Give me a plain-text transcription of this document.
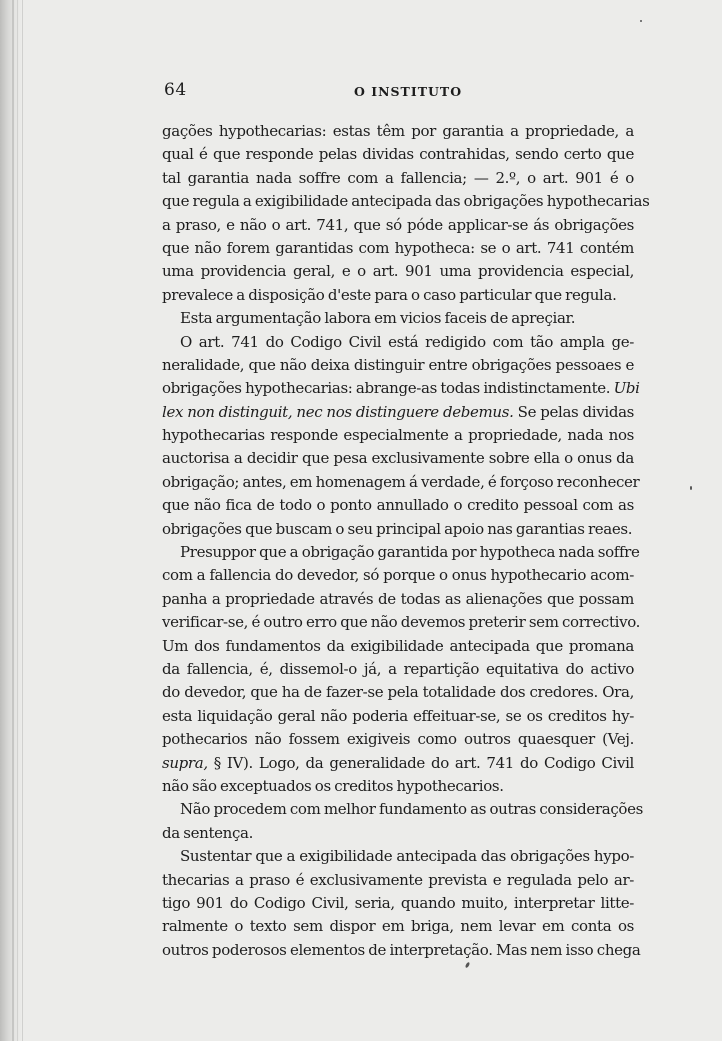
64	O INSTITUTO
gações hypothecarias: estas têm por garantia a propriedade, a
qual é que responde pelas dividas contrahidas, sendo certo que
tal garantia nada soffre com a fallencia; — 2.º, o art. 901 é o
que regula a exigibilidade antecipada das obrigações hypothecarias
a praso, e não o art. 741, que só póde applicar-se ás obrigações
que não forem garantidas com hypotheca: se o art. 741 contém
uma providencia geral, e o art. 901 uma providencia especial,
prevalece a disposição d'este para o caso particular que regula.
Esta argumentação labora em vicios faceis de apreçiar.
O art. 741 do Codigo Civil está redigido com tão ampla ge-
neralidade, que não deixa distinguir entre obrigações pessoaes e
obrigações hypothecarias: abrange-as todas indistinctamente. Ubi
lex non distinguit, nec nos distinguere debemus. Se pelas dividas
hypothecarias responde especialmente a propriedade, nada nos
auctorisa a decidir que pesa exclusivamente sobre ella o onus da
obrigação; antes, em homenagem á verdade, é forçoso reconhecer
que não fica de todo o ponto annullado o credito pessoal com as
obrigações que buscam o seu principal apoio nas garantias reaes.
Presuppor que a obrigação garantida por hypotheca nada soffre
com a fallencia do devedor, só porque o onus hypothecario acom-
panha a propriedade através de todas as alienações que possam
verificar-se, é outro erro que não devemos preterir sem correctivo.
Um dos fundamentos da exigibilidade antecipada que promana
da fallencia, é, dissemol-o já, a repartição equitativa do activo
do devedor, que ha de fazer-se pela totalidade dos credores. Ora,
esta liquidação geral não poderia effeituar-se, se os creditos hy-
pothecarios não fossem exigiveis como outros quaesquer (Vej.
supra, § IV). Logo, da generalidade do art. 741 do Codigo Civil
não são exceptuados os creditos hypothecarios.
Não procedem com melhor fundamento as outras considerações
da sentença.
Sustentar que a exigibilidade antecipada das obrigações hypo-
thecarias a praso é exclusivamente prevista e regulada pelo ar-
tigo 901 do Codigo Civil, seria, quando muito, interpretar litte-
ralmente o texto sem dispor em briga, nem levar em conta os
outros poderosos elementos de interpretação. Mas nem isso chega
